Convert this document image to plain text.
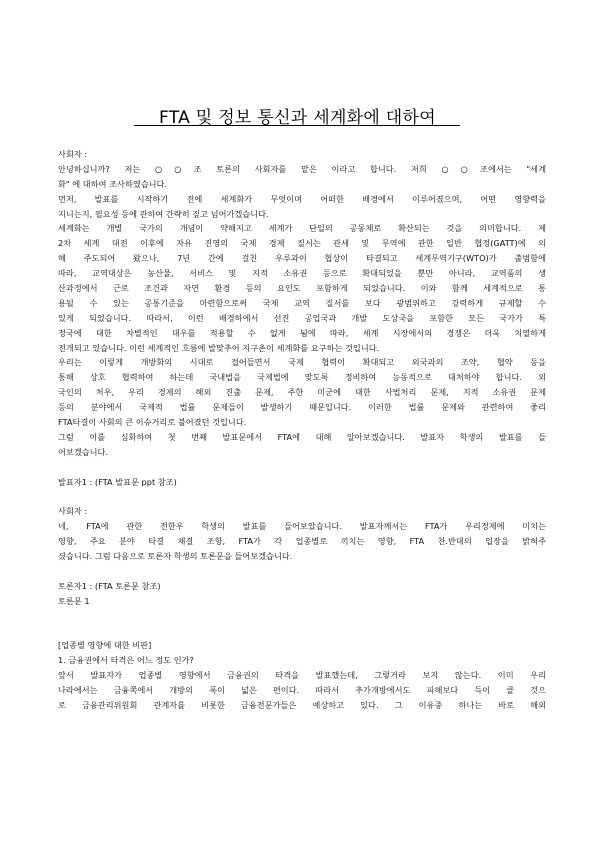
FTA 및 정보 통신과 세계화에 대하여
사회자 :
안녕하십니까? 저는 ○○조 토론의 사회자를 맡은 이라고 합니다. 저희 ○○조에서는 "세계
화" 에 대하여 조사하였습니다.
먼저, 발표를 시작하기 전에 세계화가 무엇이며 어떠한 배경에서 이루어졌으며, 어떤 영향력을
지니는지, 필요성 등에 관하여 간략히 짚고 넘어가겠습니다.
세계화는 개별 국가의 개념이 약해지고 세계가 단일의 공동체로 확산되는 것을 의미합니다. 제
2차 세계 대전 이후에 자유 진영의 국제 경제 질서는 관세 및 무역에 관한 일반 협정(GATT)에 의
해 주도되어 왔으나, 7년 간에 걸친 우루과이 협상이 타결되고 세계무역기구(WTO)가 출범함에
따라, 교역대상은 농산물, 서비스 및 지적 소유권 등으로 확대되었을 뿐만 아니라, 교역품의 생
산과정에서 근로 조건과 자연 환경 등의 요인도 포함하게 되었습니다. 이와 함께 세계적으로 통
용될 수 있는 공통기준을 마련함으로써 국제 교역 질서를 보다 광범위하고 강력하게 규제할 수
있게 되었습니다. 따라서, 이런 배경하에서 선진 공업국과 개발 도상국을 포함한 모든 국가가 특
정국에 대한 차별적인 대우를 적용할 수 없게 됨에 따라, 세계 시장에서의 경쟁은 더욱 치열하게
전개되고 있습니다. 이런 세계적인 흐름에 발맞추어 지구촌이 세계화를 요구하는 것입니다.
우리는 이렇게 개방화의 시대로 접어들면서 국제 협력이 확대되고 외국과의 조약, 협약 등을
통해 상호 협력하여 하는데 국내법을 국제법에 맞도록 정비하여 능동적으로 대처하야 합니다. 외
국인의 처우, 우리 경제의 해외 진출 문제, 주한 미군에 대한 사법처리 문제, 지적 소유권 문제
등의 분야에서 국제적 법률 문제들이 발생하기 때문입니다. 이러한 법률 문제와 관련하여 좋리
FTA타결이 사회의 큰 이슈거리로 불어졌던 것입니다.
그럼 이를 심화하여 첫 번째 발표문에서 FTA에 대해 알아보겠습니다. 발표자 학생의 발표를 들
어보겠습니다.
발표자1 : (FTA 발표문 ppt 참조)
사회자 :
네, FTA에 관한 전한우 학생의 발표를 들어보았습니다. 발표자께서는 FTA가 우리경제에 미치는
영향, 주요 분야 타결 채결 조항, FTA가 각 업종별로 끼치는 영향, FTA 찬.반대의 입장을 밝혀주
셨습니다. 그럼 다음으로 토론자 학생의 토론문을 들어보겠습니다.
토론자1 : (FTA 토론문 참조)
토론문 1
[업종별 영향에 대한 비판]
1. 금융권에서 타격은 어느 정도 인가?
앞서 발표자가 업종별 영향에서 금융권의 타격을 발표했는데, 그렇거라 보지 않는다. 이미 우리
나라에서는 금융쪽에서 개방의 폭이 넓은 편이다. 따라서 추가개방에서도 피해보다 득이 클 것으
로 금융관리위원회 관계자를 비롯한 금융전문가들은 예상하고 있다. 그 이유중 하나는 바로 해외
